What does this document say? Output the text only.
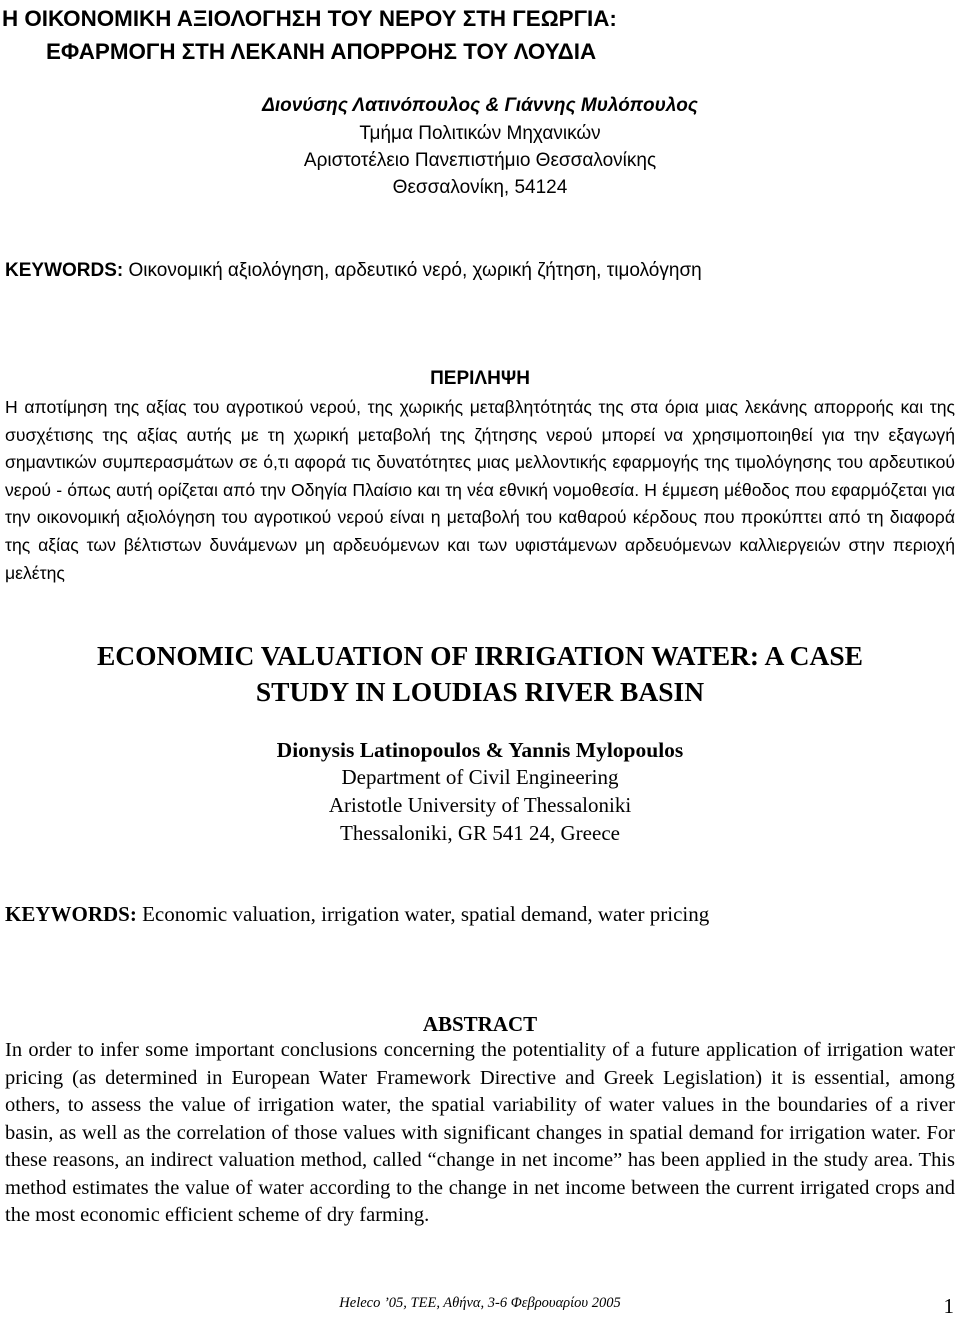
Η ΟΙΚΟΝΟΜΙΚΗ ΑΞΙΟΛΟΓΗΣΗ ΤΟΥ ΝΕΡΟΥ ΣΤΗ ΓΕΩΡΓΙΑ:
ΕΦΑΡΜΟΓΗ ΣΤΗ ΛΕΚΑΝΗ ΑΠΟΡΡΟΗΣ ΤΟΥ ΛΟΥΔΙΑ
Διονύσης Λατινόπουλος & Γιάννης Μυλόπουλος
Τμήμα Πολιτικών Μηχανικών
Αριστοτέλειο Πανεπιστήμιο Θεσσαλονίκης
Θεσσαλονίκη, 54124
KEYWORDS: Οικονομική αξιολόγηση, αρδευτικό νερό, χωρική ζήτηση, τιμολόγηση
ΠΕΡΙΛΗΨΗ

Η αποτίμηση της αξίας του αγροτικού νερού, της χωρικής μεταβλητότητάς της στα όρια μιας λεκάνης απορροής και της συσχέτισης της αξίας αυτής με τη χωρική μεταβολή της ζήτησης νερού μπορεί να χρησιμοποιηθεί για την εξαγωγή σημαντικών συμπερασμάτων σε ό,τι αφορά τις δυνατότητες μιας μελλοντικής εφαρμογής της τιμολόγησης του αρδευτικού νερού - όπως αυτή ορίζεται από την Οδηγία Πλαίσιο και τη νέα εθνική νομοθεσία. Η έμμεση μέθοδος που εφαρμόζεται για την οικονομική αξιολόγηση του αγροτικού νερού είναι η μεταβολή του καθαρού κέρδους που προκύπτει από τη διαφορά της αξίας των βέλτιστων δυνάμενων μη αρδευόμενων και των υφιστάμενων αρδευόμενων καλλιεργειών στην περιοχή μελέτης

ECONOMIC VALUATION OF IRRIGATION WATER: A CASE
STUDY IN LOUDIAS RIVER BASIN
Dionysis Latinopoulos & Yannis Mylopoulos
Department of Civil Engineering
Aristotle University of Thessaloniki
Thessaloniki, GR 541 24, Greece
KEYWORDS: Economic valuation, irrigation water, spatial demand, water pricing
ABSTRACT

In order to infer some important conclusions concerning the potentiality of a future application of irrigation water pricing (as determined in European Water Framework Directive and Greek Legislation) it is essential, among others, to assess the value of irrigation water, the spatial variability of water values in the boundaries of a river basin, as well as the correlation of those values with significant changes in spatial demand for irrigation water. For these reasons, an indirect valuation method, called “change in net income” has been applied in the study area. This method estimates the value of water according to the change in net income between the current irrigated crops and the most economic efficient scheme of dry farming.

Heleco ’05, ΤΕΕ, Αθήνα, 3-6 Φεβρουαρίου 2005	1
